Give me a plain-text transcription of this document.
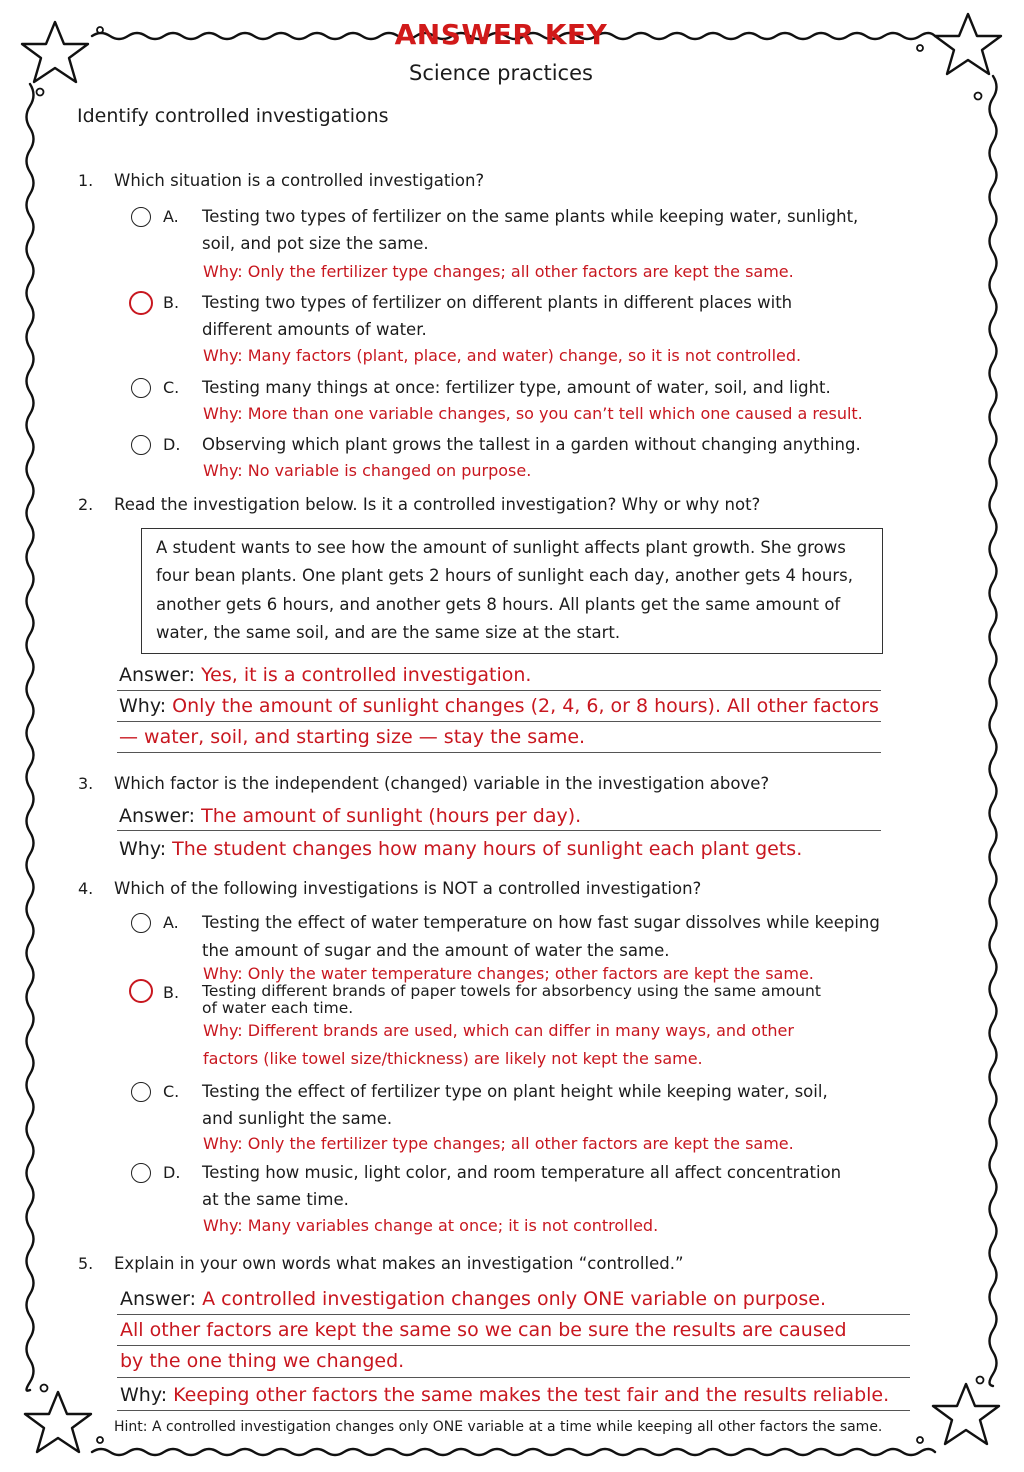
ANSWER KEY
Science practices
Identify controlled investigations
1. Which situation is a controlled investigation?
A. Testing two types of fertilizer on the same plants while keeping water, sunlight,
soil, and pot size the same.
Why: Only the fertilizer type changes; all other factors are kept the same.
B. Testing two types of fertilizer on different plants in different places with
different amounts of water.
Why: Many factors (plant, place, and water) change, so it is not controlled.
C. Testing many things at once: fertilizer type, amount of water, soil, and light.
Why: More than one variable changes, so you can’t tell which one caused a result.
D. Observing which plant grows the tallest in a garden without changing anything.
Why: No variable is changed on purpose.
2. Read the investigation below. Is it a controlled investigation? Why or why not?
A student wants to see how the amount of sunlight affects plant growth. She grows
four bean plants. One plant gets 2 hours of sunlight each day, another gets 4 hours,
another gets 6 hours, and another gets 8 hours. All plants get the same amount of
water, the same soil, and are the same size at the start.
Answer: Yes, it is a controlled investigation.
Why: Only the amount of sunlight changes (2, 4, 6, or 8 hours). All other factors
— water, soil, and starting size — stay the same.
3. Which factor is the independent (changed) variable in the investigation above?
Answer: The amount of sunlight (hours per day).
Why: The student changes how many hours of sunlight each plant gets.
4. Which of the following investigations is NOT a controlled investigation?
A. Testing the effect of water temperature on how fast sugar dissolves while keeping
the amount of sugar and the amount of water the same.
Why: Only the water temperature changes; other factors are kept the same.
B. Testing different brands of paper towels for absorbency using the same amount
of water each time.
Why: Different brands are used, which can differ in many ways, and other
factors (like towel size/thickness) are likely not kept the same.
C. Testing the effect of fertilizer type on plant height while keeping water, soil,
and sunlight the same.
Why: Only the fertilizer type changes; all other factors are kept the same.
D. Testing how music, light color, and room temperature all affect concentration
at the same time.
Why: Many variables change at once; it is not controlled.
5. Explain in your own words what makes an investigation “controlled.”
Answer: A controlled investigation changes only ONE variable on purpose.
All other factors are kept the same so we can be sure the results are caused
by the one thing we changed.
Why: Keeping other factors the same makes the test fair and the results reliable.
Hint: A controlled investigation changes only ONE variable at a time while keeping all other factors the same.
